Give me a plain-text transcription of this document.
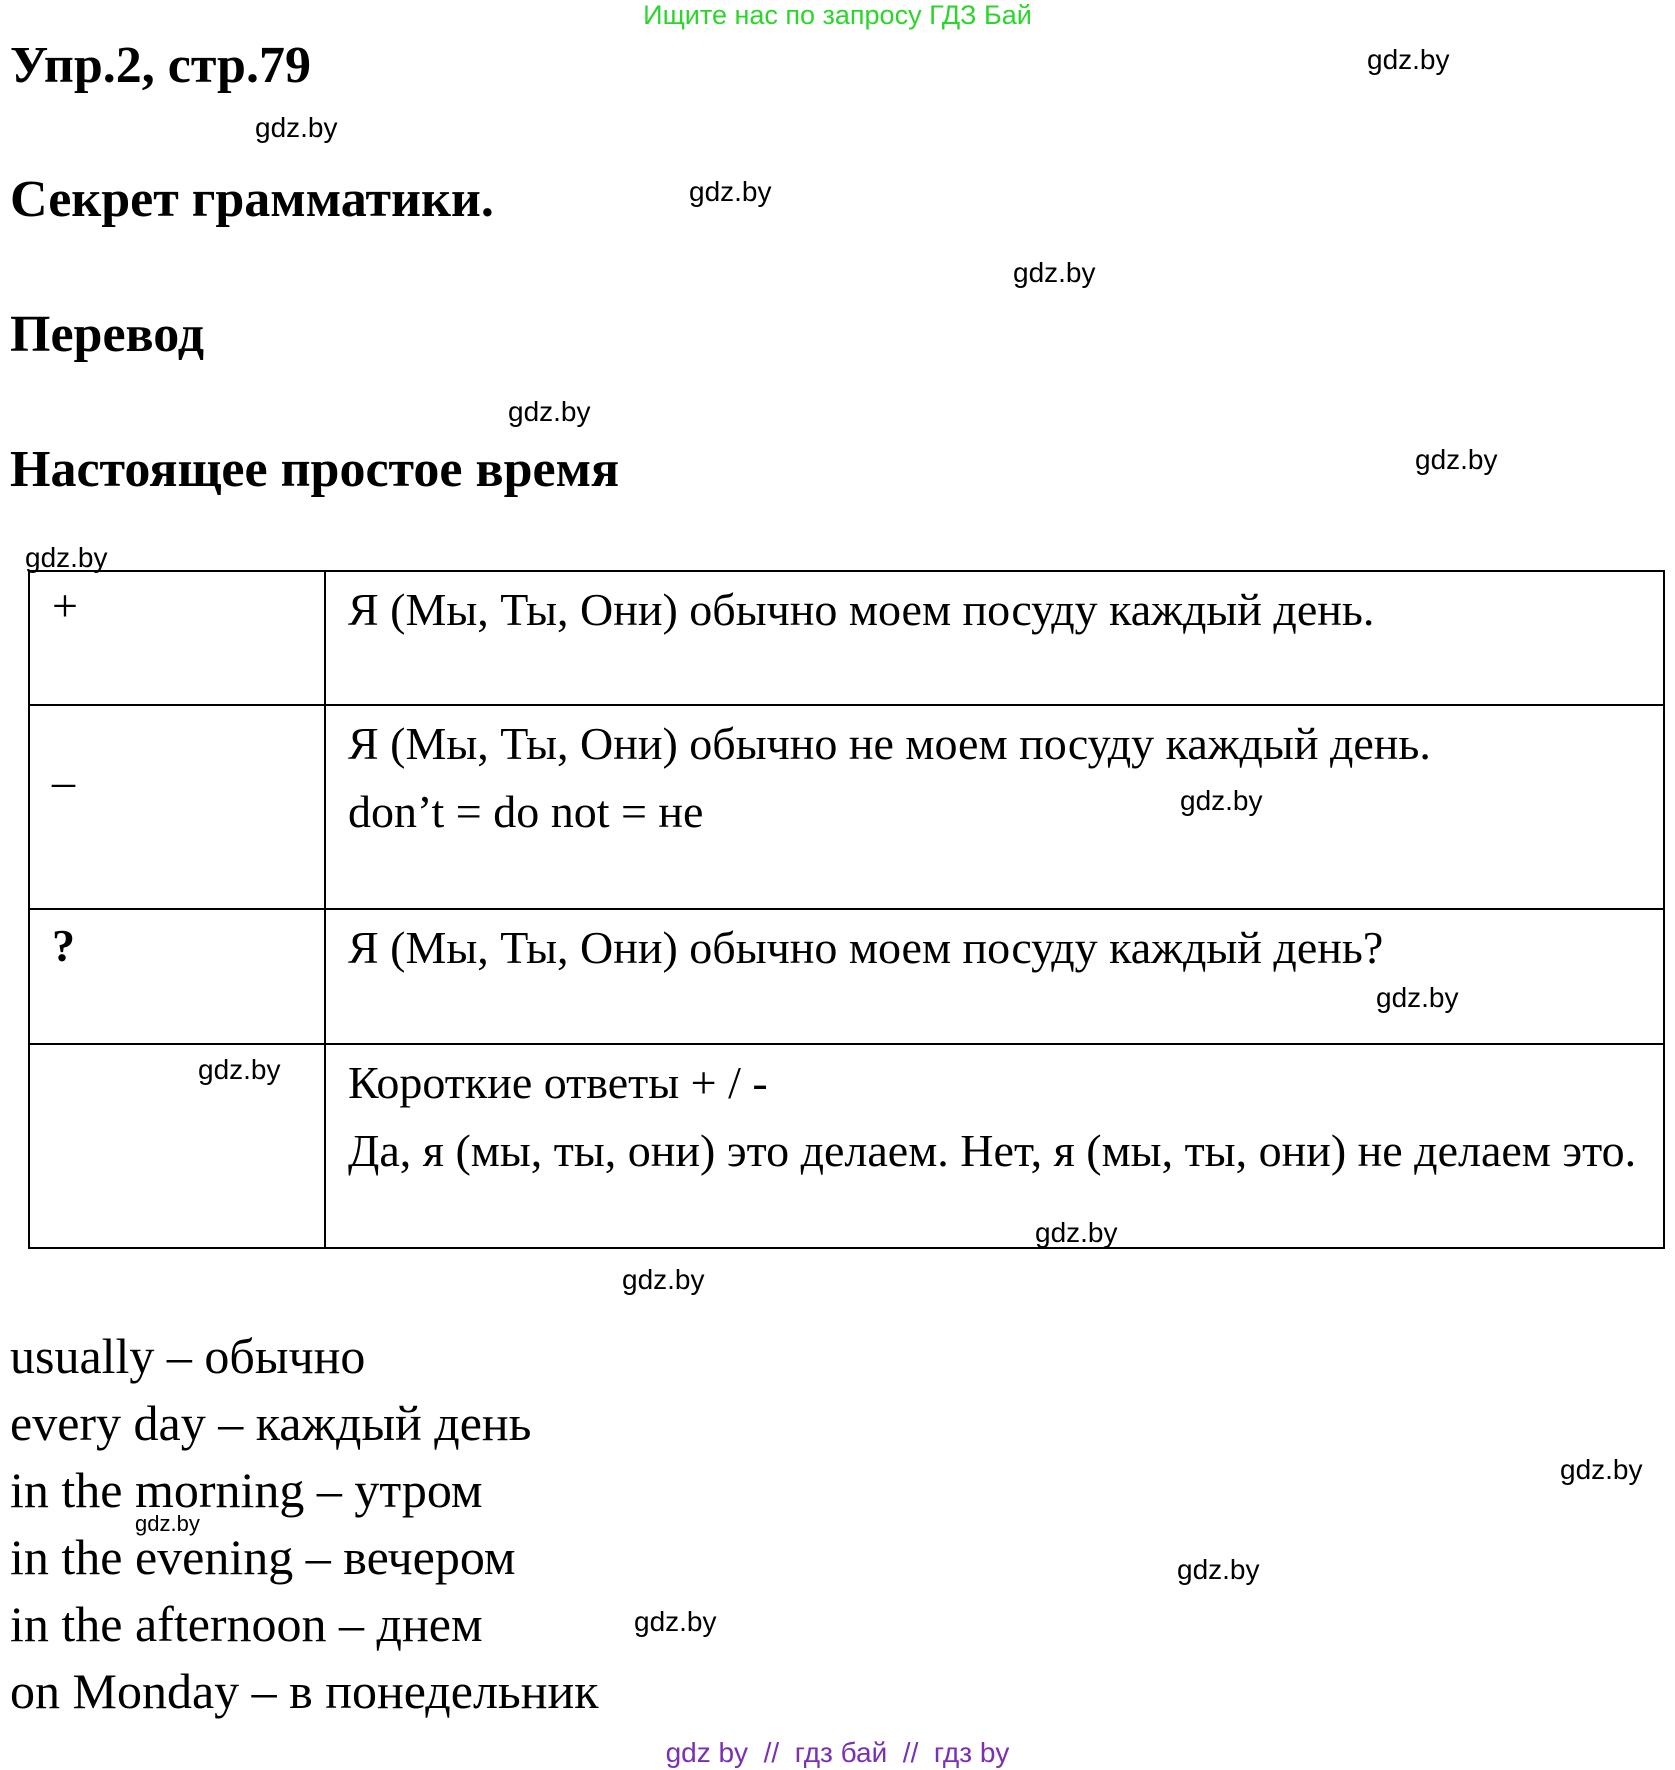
Ищите нас по запросу ГДЗ Бай
Упр.2, стр.79
Секрет грамматики.
Перевод
Настоящее простое время
gdz.by
gdz.by
gdz.by
gdz.by
gdz.by
gdz.by
gdz.by
+	Я (Мы, Ты, Они) обычно моем посуду каждый день.

_	Я (Мы, Ты, Они) обычно не моем посуду каждый день.
don’t = do not = не

?	Я (Мы, Ты, Они) обычно моем посуду каждый день?

	Короткие ответы + / -
Да, я (мы, ты, они) это делаем. Нет, я (мы, ты, они) не делаем это.
gdz.by
gdz.by
gdz.by
gdz.by
gdz.by
usually – обычно
every day – каждый день
in the morning – утром
in the evening – вечером
in the afternoon – днем
on Monday – в понедельник
gdz.by
gdz.by
gdz.by
gdz.by
gdz by  //  гдз бай  //  гдз by
